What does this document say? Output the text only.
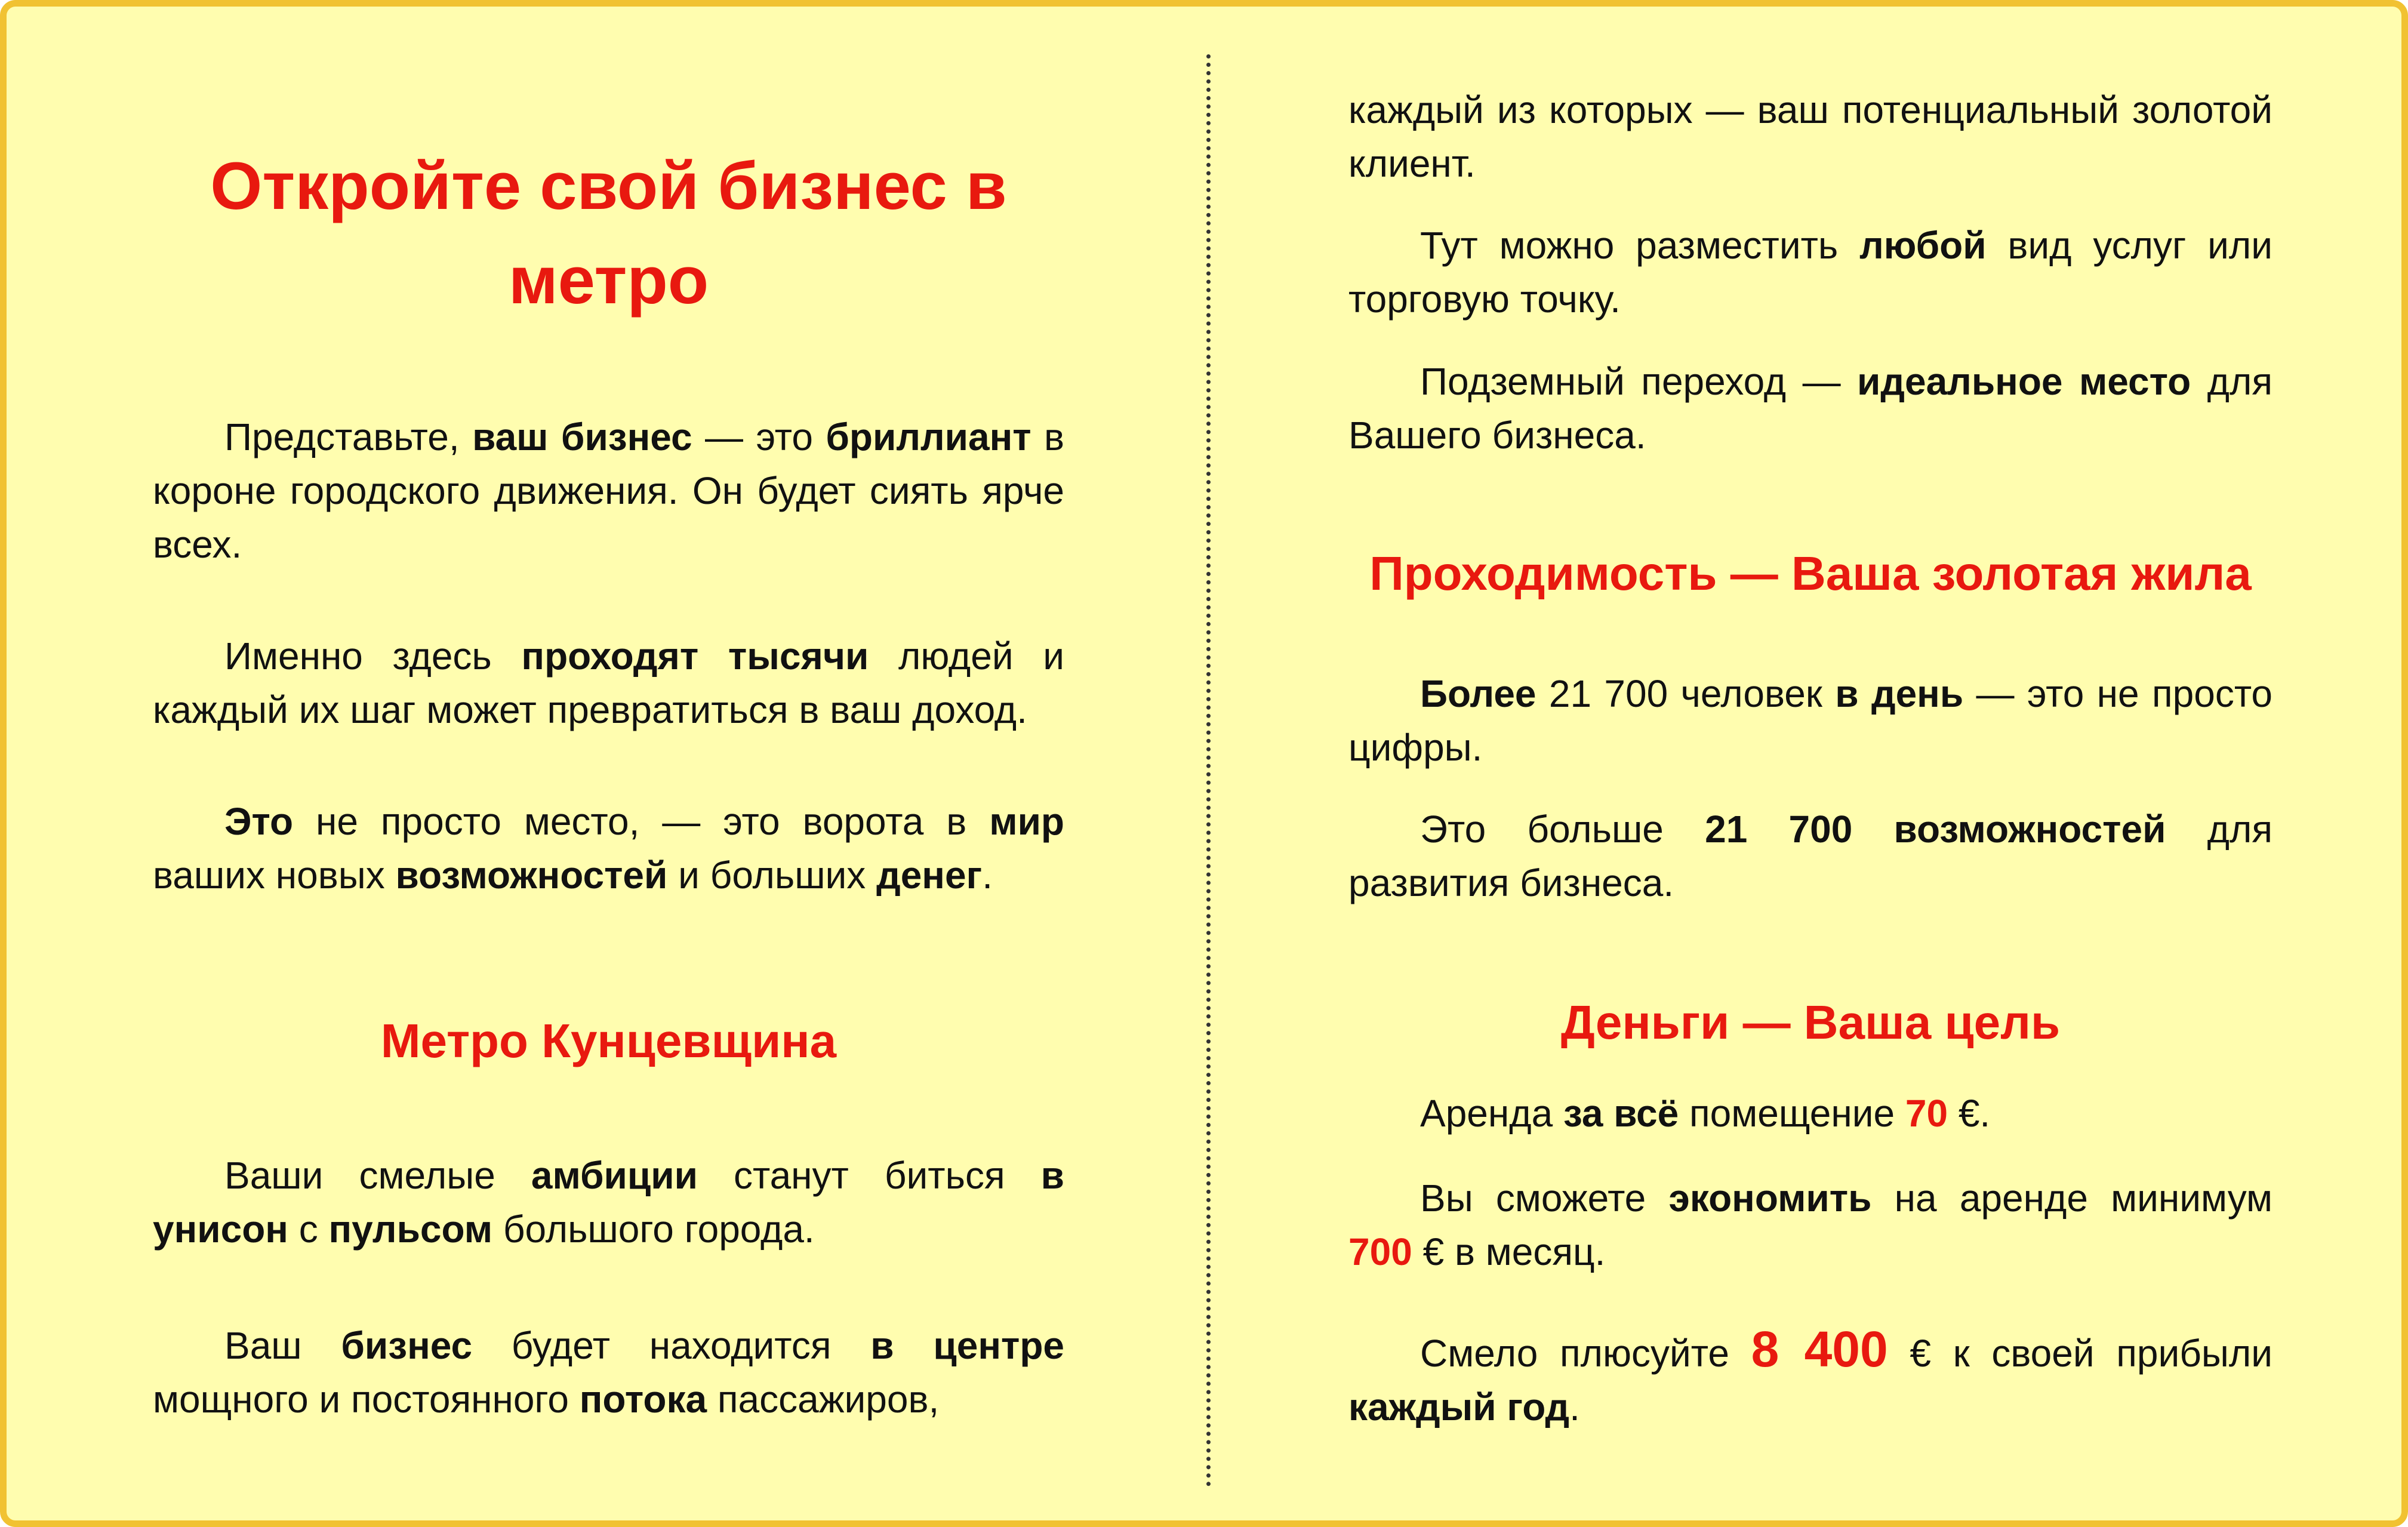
Откройте свой бизнес в метро

Представьте, ваш бизнес — это бриллиант в короне городского движения. Он будет сиять ярче всех.

Именно здесь проходят тысячи людей и каждый их шаг может превратиться в ваш доход.

Это не просто место, — это ворота в мир ваших новых возможностей и больших денег.

Метро Кунцевщина

Ваши смелые амбиции станут биться в унисон с пульсом большого города.

Ваш бизнес будет находится в центре мощного и постоянного потока пассажиров,

каждый из которых — ваш потенциальный золотой клиент.

Тут можно разместить любой вид услуг или торговую точку.

Подземный переход — идеальное место для Вашего бизнеса.

Проходимость — Ваша золотая жила

Более 21 700 человек в день — это не просто цифры.

Это больше 21 700 возможностей для развития бизнеса.

Деньги — Ваша цель

Аренда за всё помещение 70 €.

Вы сможете экономить на аренде минимум 700 € в месяц.

Смело плюсуйте 8 400 € к своей прибыли каждый год.
